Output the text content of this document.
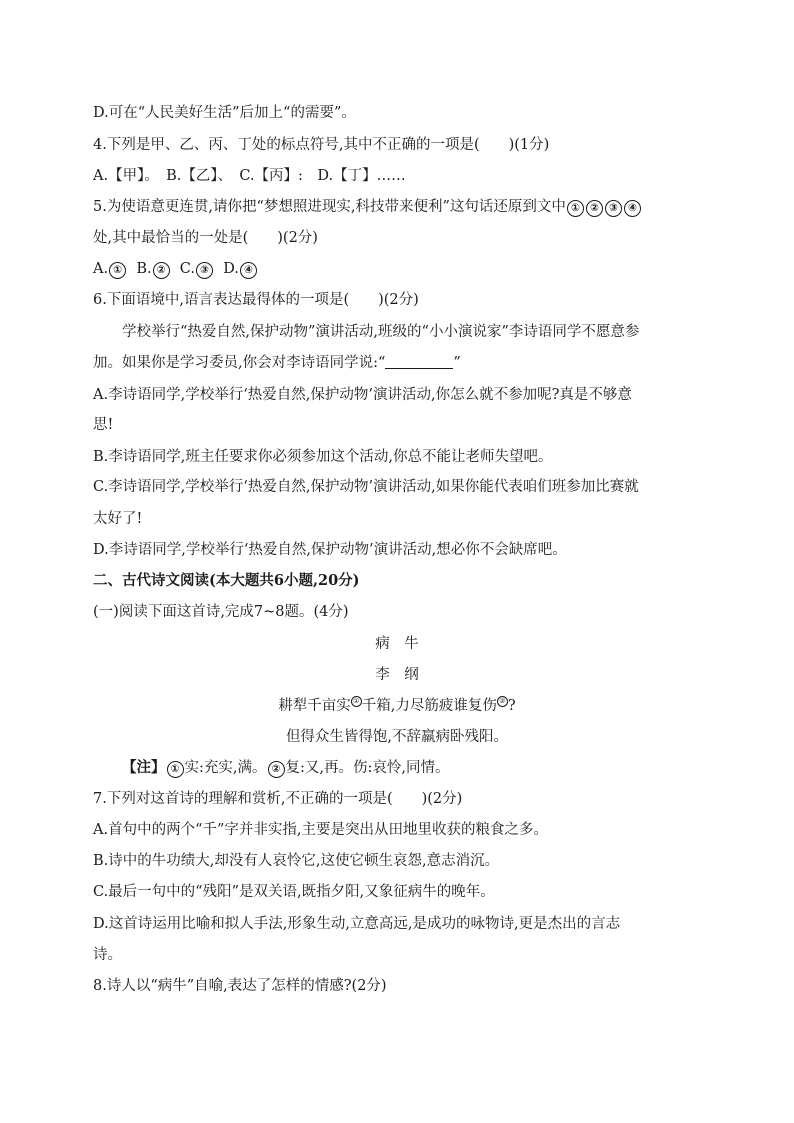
D.可在“人民美好生活”后加上“的需要”。
4.下列是甲、乙、丙、丁处的标点符号,其中不正确的一项是(　　)(1分)
A.【甲】。　B.【乙】、　C.【丙】:　D.【丁】……
5.为使语意更连贯,请你把“梦想照进现实,科技带来便利”这句话还原到文中 ① ② ③ ④
处,其中最恰当的一处是(　　)(2分)
A. ① B. ② C. ③ D. ④
6.下面语境中,语言表达最得体的一项是(　　)(2分)
学校举行“热爱自然,保护动物”演讲活动,班级的“小小演说家”李诗语同学不愿意参
加。如果你是学习委员,你会对李诗语同学说:“	”
A.李诗语同学,学校举行‘热爱自然,保护动物’演讲活动,你怎么就不参加呢?真是不够意
思!
B.李诗语同学,班主任要求你必须参加这个活动,你总不能让老师失望吧。
C.李诗语同学,学校举行‘热爱自然,保护动物’演讲活动,如果你能代表咱们班参加比赛就
太好了!
D.李诗语同学,学校举行‘热爱自然,保护动物’演讲活动,想必你不会缺席吧。
二、古代诗文阅读(本大题共6小题,20分)
(一)阅读下面这首诗,完成7~8题。(4分)
病　牛
李　纲
耕犁千亩实 ① 千箱,力尽筋疲谁复伤 ② ?
但得众生皆得饱,不辞羸病卧残阳。
【注】 ① 实:充实,满。 ② 复:又,再。伤:哀怜,同情。
7.下列对这首诗的理解和赏析,不正确的一项是(　　)(2分)
A.首句中的两个“千”字并非实指,主要是突出从田地里收获的粮食之多。
B.诗中的牛功绩大,却没有人哀怜它,这使它顿生哀怨,意志消沉。
C.最后一句中的“残阳”是双关语,既指夕阳,又象征病牛的晚年。
D.这首诗运用比喻和拟人手法,形象生动,立意高远,是成功的咏物诗,更是杰出的言志
诗。
8.诗人以“病牛”自喻,表达了怎样的情感?(2分)
